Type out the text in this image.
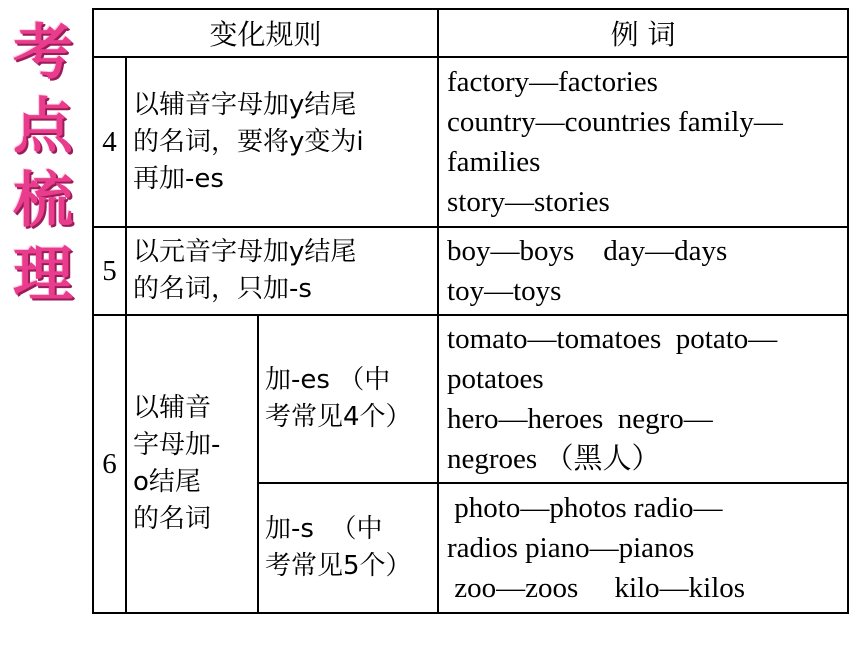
考
点
梳
理
变化规则			例 词
4	以辅音字母加y结尾
的名词，要将y变为i
再加-es		factory—factories
country—countries family—
families
story—stories

5	以元音字母加y结尾
的名词，只加-s		boy—boys    day—days
toy—toys

6	以辅音
字母加-
o结尾
的名词	加-es （中
考常见4个）	tomato—tomatoes  potato—
potatoes
hero—heroes  negro—
negroes （黑人）

		加-s  （中
考常见5个）	photo—photos radio—
radios piano—pianos
zoo—zoos     kilo—kilos
